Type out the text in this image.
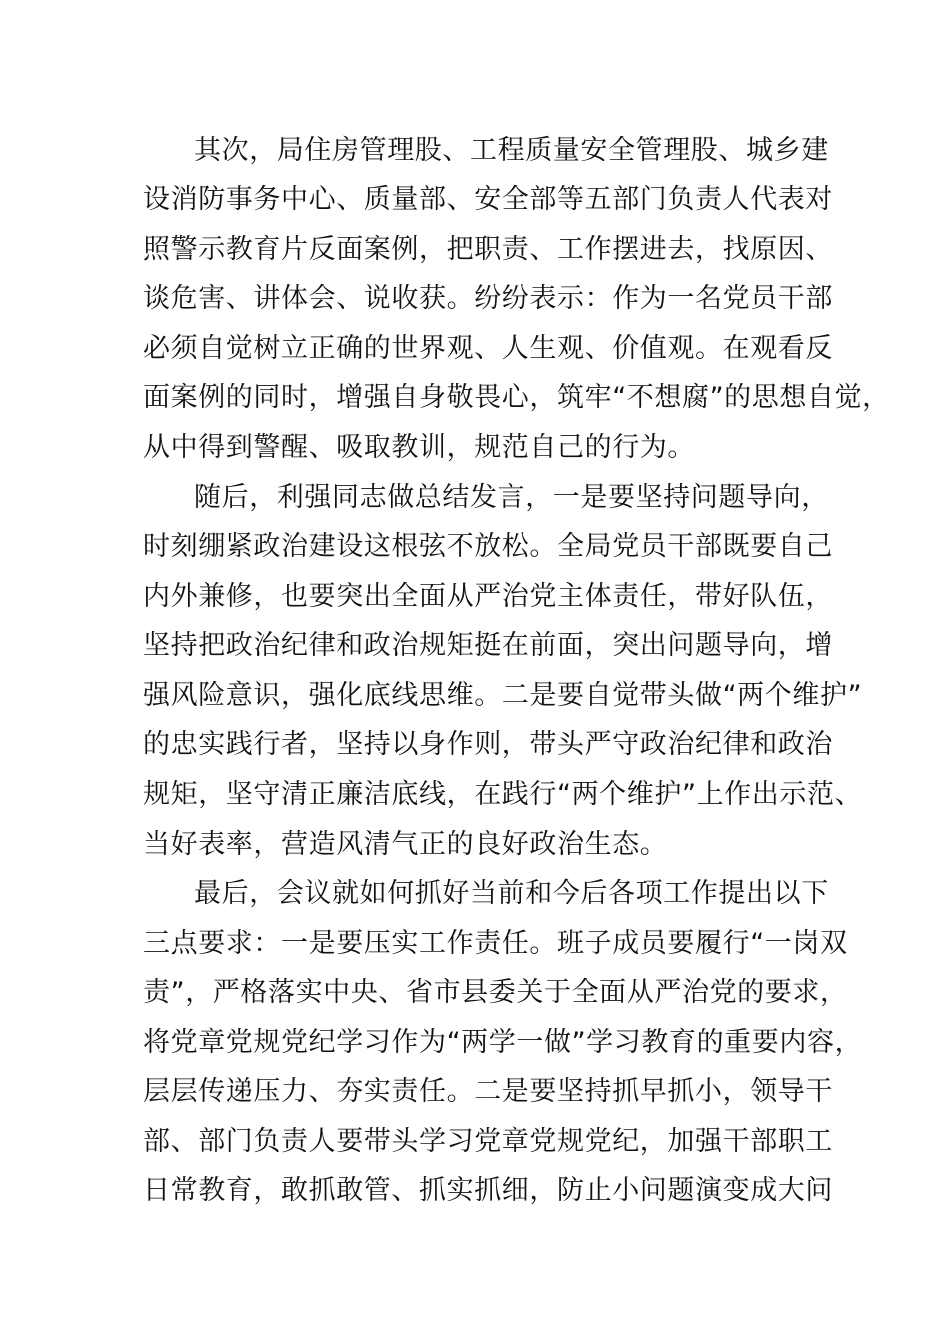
其次，局住房管理股、工程质量安全管理股、城乡建
设消防事务中心、质量部、安全部等五部门负责人代表对
照警示教育片反面案例，把职责、工作摆进去，找原因、
谈危害、讲体会、说收获。纷纷表示：作为一名党员干部
必须自觉树立正确的世界观、人生观、价值观。在观看反
面案例的同时，增强自身敬畏心，筑牢“不想腐”的思想自觉，
从中得到警醒、吸取教训，规范自己的行为。
随后，利强同志做总结发言，一是要坚持问题导向，
时刻绷紧政治建设这根弦不放松。全局党员干部既要自己
内外兼修，也要突出全面从严治党主体责任，带好队伍，
坚持把政治纪律和政治规矩挺在前面，突出问题导向，增
强风险意识，强化底线思维。二是要自觉带头做“两个维护”
的忠实践行者，坚持以身作则，带头严守政治纪律和政治
规矩，坚守清正廉洁底线，在践行“两个维护”上作出示范、
当好表率，营造风清气正的良好政治生态。
最后，会议就如何抓好当前和今后各项工作提出以下
三点要求：一是要压实工作责任。班子成员要履行“一岗双
责”，严格落实中央、省市县委关于全面从严治党的要求，
将党章党规党纪学习作为“两学一做”学习教育的重要内容，
层层传递压力、夯实责任。二是要坚持抓早抓小，领导干
部、部门负责人要带头学习党章党规党纪，加强干部职工
日常教育，敢抓敢管、抓实抓细，防止小问题演变成大问
